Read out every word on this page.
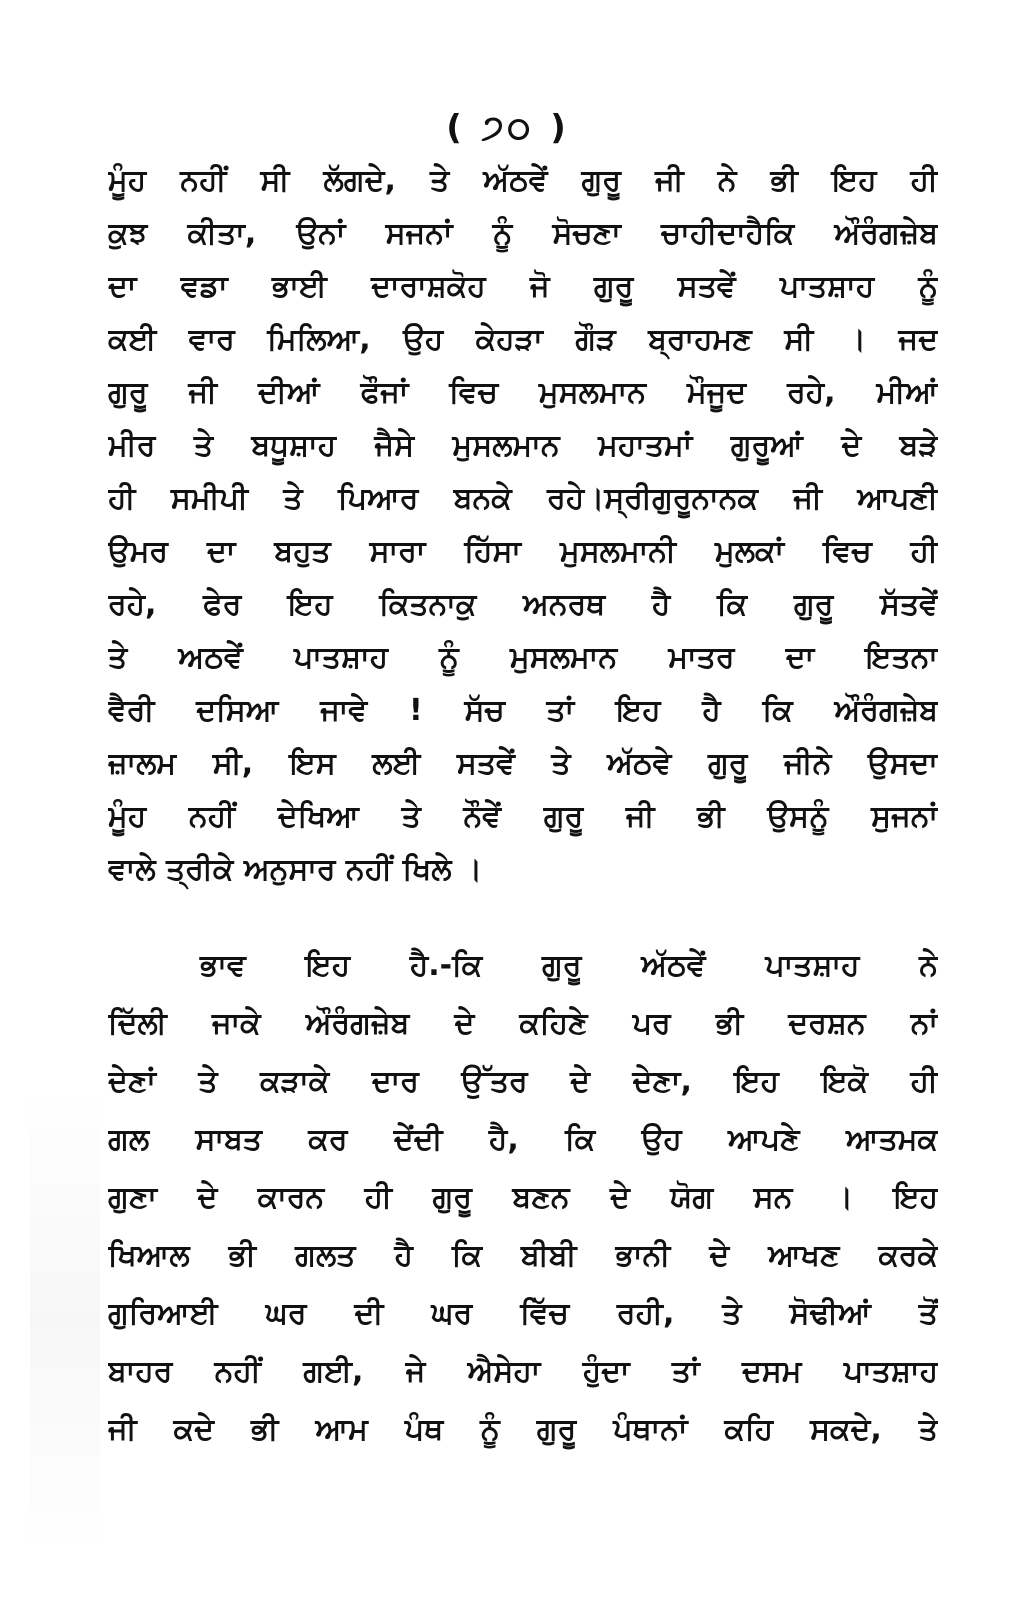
( ੭੦ )
ਮੂੰਹ ਨਹੀਂ ਸੀ ਲੱਗਦੇ, ਤੇ ਅੱਠਵੇਂ ਗੁਰੂ ਜੀ ਨੇ ਭੀ ਇਹ ਹੀ
ਕੁਝ ਕੀਤਾ, ਉਨਾਂ ਸਜਨਾਂ ਨੂੰ ਸੋਚਣਾ ਚਾਹੀਦਾਹੈਕਿ ਔਰੰਗਜ਼ੇਬ
ਦਾ ਵਡਾ ਭਾਈ ਦਾਰਾਸ਼ਕੋਹ ਜੋ ਗੁਰੂ ਸਤਵੇਂ ਪਾਤਸ਼ਾਹ ਨੂੰ
ਕਈ ਵਾਰ ਮਿਲਿਆ, ਉਹ ਕੇਹੜਾ ਗੌੜ ਬ੍ਰਾਹਮਣ ਸੀ । ਜਦ
ਗੁਰੂ ਜੀ ਦੀਆਂ ਫੌਜਾਂ ਵਿਚ ਮੁਸਲਮਾਨ ਮੌਜੂਦ ਰਹੇ, ਮੀਆਂ
ਮੀਰ ਤੇ ਬਧੂਸ਼ਾਹ ਜੈਸੇ ਮੁਸਲਮਾਨ ਮਹਾਤਮਾਂ ਗੁਰੂਆਂ ਦੇ ਬੜੇ
ਹੀ ਸਮੀਪੀ ਤੇ ਪਿਆਰ ਬਨਕੇ ਰਹੇ।ਸ੍ਰੀਗੁਰੂਨਾਨਕ ਜੀ ਆਪਣੀ
ਉਮਰ ਦਾ ਬਹੁਤ ਸਾਰਾ ਹਿੱਸਾ ਮੁਸਲਮਾਨੀ ਮੁਲਕਾਂ ਵਿਚ ਹੀ
ਰਹੇ, ਫੇਰ ਇਹ ਕਿਤਨਾਕੁ ਅਨਰਥ ਹੈ ਕਿ ਗੁਰੂ ਸੱਤਵੇਂ
ਤੇ ਅਠਵੇਂ ਪਾਤਸ਼ਾਹ ਨੂੰ ਮੁਸਲਮਾਨ ਮਾਤਰ ਦਾ ਇਤਨਾ
ਵੈਰੀ ਦਸਿਆ ਜਾਵੇ ! ਸੱਚ ਤਾਂ ਇਹ ਹੈ ਕਿ ਔਰੰਗਜ਼ੇਬ
ਜ਼ਾਲਮ ਸੀ, ਇਸ ਲਈ ਸਤਵੇਂ ਤੇ ਅੱਠਵੇ ਗੁਰੂ ਜੀਨੇ ਉਸਦਾ
ਮੂੰਹ ਨਹੀਂ ਦੇਖਿਆ ਤੇ ਨੌਵੇਂ ਗੁਰੂ ਜੀ ਭੀ ਉਸਨੂੰ ਸੁਜਨਾਂ
ਵਾਲੇ ਤ੍ਰੀਕੇ ਅਨੁਸਾਰ ਨਹੀਂ ਖਿਲੇ ।
ਭਾਵ ਇਹ ਹੈ.-ਕਿ ਗੁਰੂ ਅੱਠਵੇਂ ਪਾਤਸ਼ਾਹ ਨੇ
ਦਿੱਲੀ ਜਾਕੇ ਔਰੰਗਜ਼ੇਬ ਦੇ ਕਹਿਣੇ ਪਰ ਭੀ ਦਰਸ਼ਨ ਨਾਂ
ਦੇਣਾਂ ਤੇ ਕੜਾਕੇ ਦਾਰ ਉੱਤਰ ਦੇ ਦੇਣਾ, ਇਹ ਇਕੋ ਹੀ
ਗਲ ਸਾਬਤ ਕਰ ਦੇਂਦੀ ਹੈ, ਕਿ ਉਹ ਆਪਣੇ ਆਤਮਕ
ਗੁਣਾ ਦੇ ਕਾਰਨ ਹੀ ਗੁਰੂ ਬਣਨ ਦੇ ਯੋਗ ਸਨ । ਇਹ
ਖਿਆਲ ਭੀ ਗਲਤ ਹੈ ਕਿ ਬੀਬੀ ਭਾਨੀ ਦੇ ਆਖਣ ਕਰਕੇ
ਗੁਰਿਆਈ ਘਰ ਦੀ ਘਰ ਵਿੱਚ ਰਹੀ, ਤੇ ਸੋਢੀਆਂ ਤੋਂ
ਬਾਹਰ ਨਹੀਂ ਗਈ, ਜੇ ਐਸੇਹਾ ਹੁੰਦਾ ਤਾਂ ਦਸਮ ਪਾਤਸ਼ਾਹ
ਜੀ ਕਦੇ ਭੀ ਆਮ ਪੰਥ ਨੂੰ ਗੁਰੂ ਪੰਥਾਨਾਂ ਕਹਿ ਸਕਦੇ, ਤੇ
